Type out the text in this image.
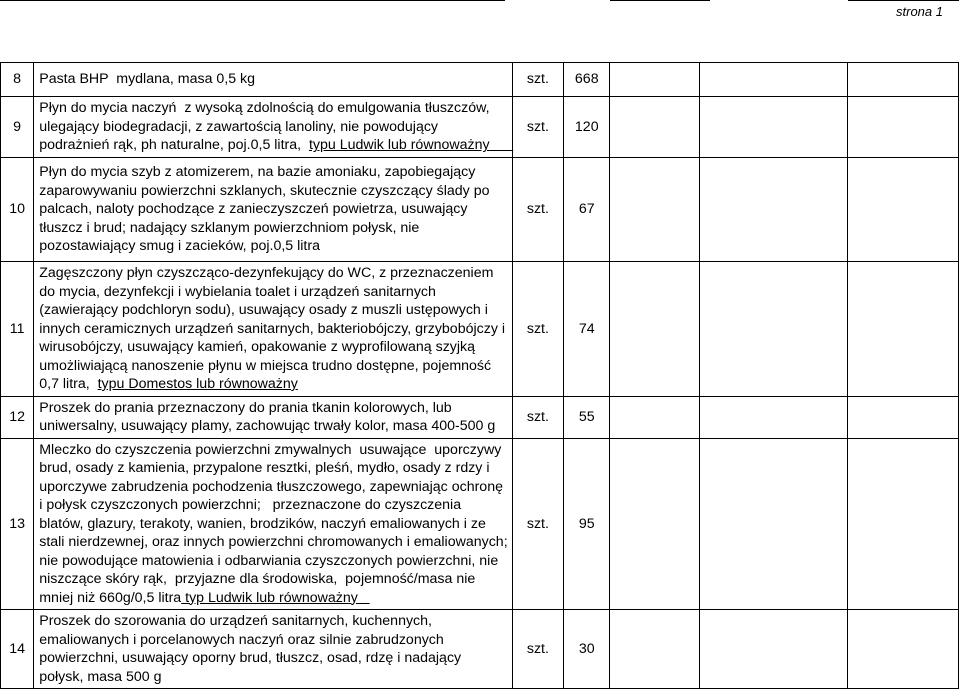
strona 1
8	Pasta BHP  mydlana, masa 0,5 kg	szt.	668			
9	Płyn do mycia naczyń  z wysoką zdolnością do emulgowania tłuszczów, ulegający biodegradacji, z zawartością lanoliny, nie powodujący podrażnień rąk, ph naturalne, poj.0,5 litra,  typu Ludwik lub równoważny	szt.	120			
10	Płyn do mycia szyb z atomizerem, na bazie amoniaku, zapobiegający zaparowywaniu powierzchni szklanych, skutecznie czyszczący ślady po palcach, naloty pochodzące z zanieczyszczeń powietrza, usuwający tłuszcz i brud; nadający szklanym powierzchniom połysk, nie pozostawiający smug i zacieków, poj.0,5 litra	szt.	67			
11	Zagęszczony płyn czyszcząco-dezynfekujący do WC, z przeznaczeniem do mycia, dezynfekcji i wybielania toalet i urządzeń sanitarnych (zawierający podchloryn sodu), usuwający osady z muszli ustępowych i innych ceramicznych urządzeń sanitarnych, bakteriobójczy, grzybobójczy i wirusobójczy, usuwający kamień, opakowanie z wyprofilowaną szyjką umożliwiającą nanoszenie płynu w miejsca trudno dostępne, pojemność  0,7 litra,  typu Domestos lub równoważny	szt.	74			
12	Proszek do prania przeznaczony do prania tkanin kolorowych, lub uniwersalny, usuwający plamy, zachowując trwały kolor, masa 400-500 g	szt.	55			
13	Mleczko do czyszczenia powierzchni zmywalnych  usuwające  uporczywy brud, osady z kamienia, przypalone resztki, pleśń, mydło, osady z rdzy i uporczywe zabrudzenia pochodzenia tłuszczowego, zapewniając ochronę i połysk czyszczonych powierzchni;   przeznaczone do czyszczenia blatów, glazury, terakoty, wanien, brodzików, naczyń emaliowanych i ze stali nierdzewnej, oraz innych powierzchni chromowanych i emaliowanych; nie powodujące matowienia i odbarwiania czyszczonych powierzchni, nie niszczące skóry rąk,  przyjazne dla środowiska,  pojemność/masa nie mniej niż 660g/0,5 litra typ Ludwik lub równoważny	szt.	95			
14	Proszek do szorowania do urządzeń sanitarnych, kuchennych, emaliowanych i porcelanowych naczyń oraz silnie zabrudzonych powierzchni, usuwający oporny brud, tłuszcz, osad, rdzę i nadający połysk, masa 500 g	szt.	30			
